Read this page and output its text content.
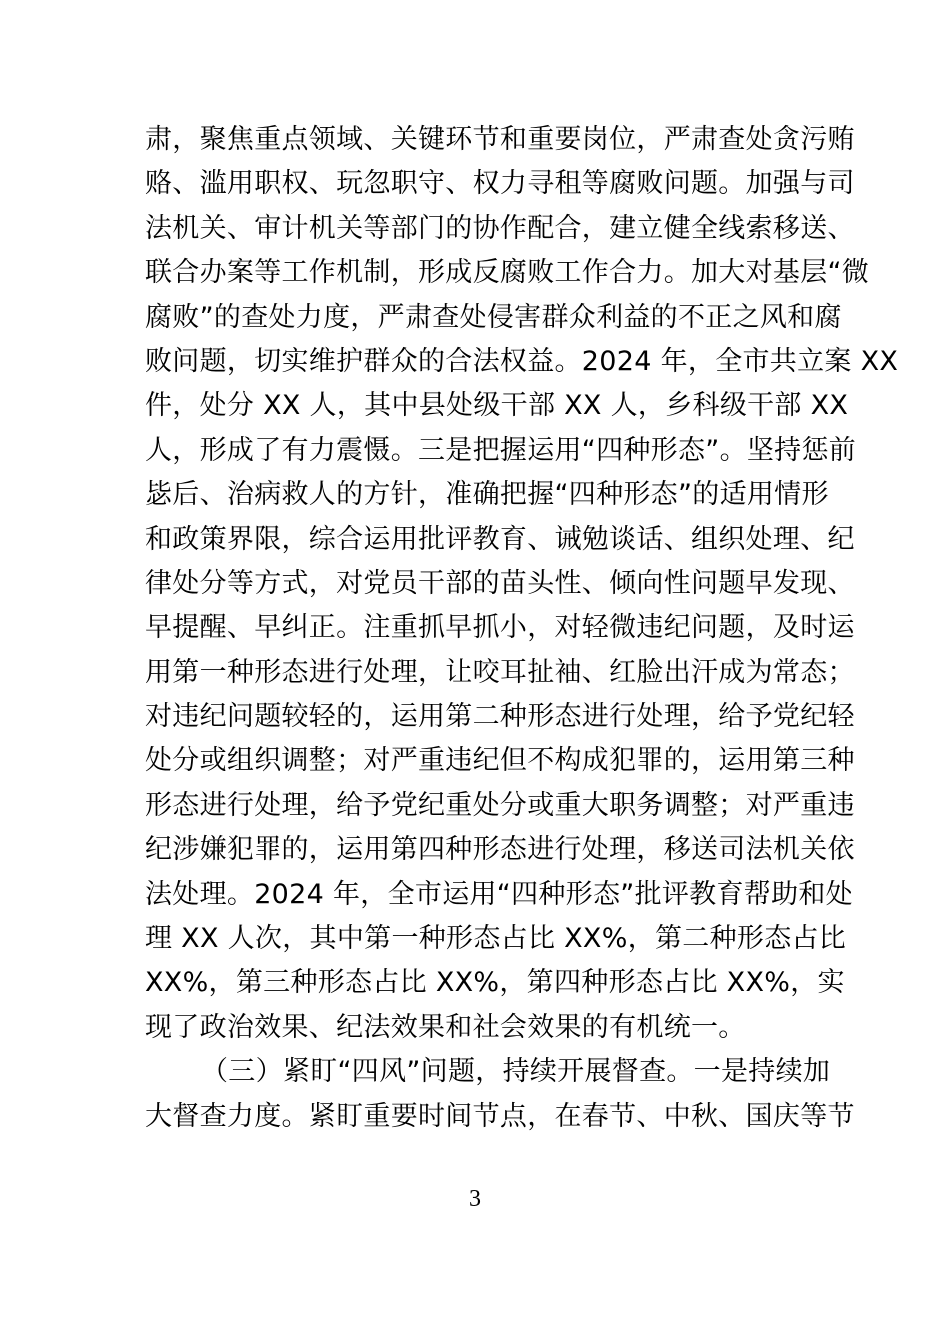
肃，聚焦重点领域、关键环节和重要岗位，严肃查处贪污贿
赂、滥用职权、玩忽职守、权力寻租等腐败问题。加强与司
法机关、审计机关等部门的协作配合，建立健全线索移送、
联合办案等工作机制，形成反腐败工作合力。加大对基层“微
腐败”的查处力度，严肃查处侵害群众利益的不正之风和腐
败问题，切实维护群众的合法权益。2024 年，全市共立案 XX
件，处分 XX 人，其中县处级干部 XX 人，乡科级干部 XX
人，形成了有力震慑。三是把握运用“四种形态”。坚持惩前
毖后、治病救人的方针，准确把握“四种形态”的适用情形
和政策界限，综合运用批评教育、诫勉谈话、组织处理、纪
律处分等方式，对党员干部的苗头性、倾向性问题早发现、
早提醒、早纠正。注重抓早抓小，对轻微违纪问题，及时运
用第一种形态进行处理，让咬耳扯袖、红脸出汗成为常态；
对违纪问题较轻的，运用第二种形态进行处理，给予党纪轻
处分或组织调整；对严重违纪但不构成犯罪的，运用第三种
形态进行处理，给予党纪重处分或重大职务调整；对严重违
纪涉嫌犯罪的，运用第四种形态进行处理，移送司法机关依
法处理。2024 年，全市运用“四种形态”批评教育帮助和处
理 XX 人次，其中第一种形态占比 XX%，第二种形态占比
XX%，第三种形态占比 XX%，第四种形态占比 XX%，实
现了政治效果、纪法效果和社会效果的有机统一。
（三）紧盯“四风”问题，持续开展督查。一是持续加
大督查力度。紧盯重要时间节点，在春节、中秋、国庆等节
3
